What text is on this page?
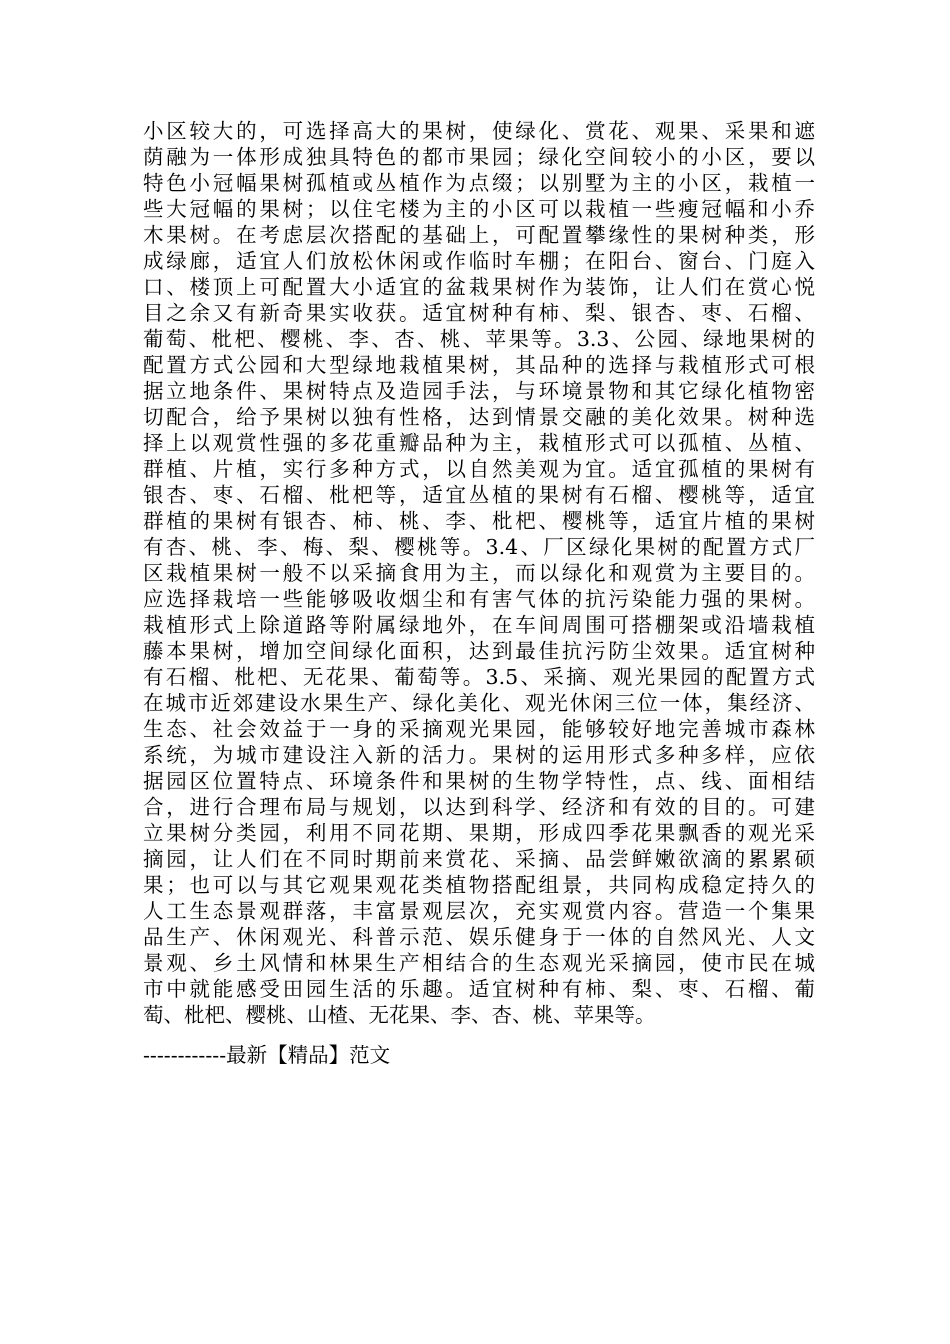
小区较大的，可选择高大的果树，使绿化、赏花、观果、采果和遮
荫融为一体形成独具特色的都市果园；绿化空间较小的小区，要以
特色小冠幅果树孤植或丛植作为点缀；以别墅为主的小区，栽植一
些大冠幅的果树；以住宅楼为主的小区可以栽植一些瘦冠幅和小乔
木果树。在考虑层次搭配的基础上，可配置攀缘性的果树种类，形
成绿廊，适宜人们放松休闲或作临时车棚；在阳台、窗台、门庭入
口、楼顶上可配置大小适宜的盆栽果树作为装饰，让人们在赏心悦
目之余又有新奇果实收获。适宜树种有柿、梨、银杏、枣、石榴、
葡萄、枇杷、樱桃、李、杏、桃、苹果等。3.3、公园、绿地果树的
配置方式公园和大型绿地栽植果树，其品种的选择与栽植形式可根
据立地条件、果树特点及造园手法，与环境景物和其它绿化植物密
切配合，给予果树以独有性格，达到情景交融的美化效果。树种选
择上以观赏性强的多花重瓣品种为主，栽植形式可以孤植、丛植、
群植、片植，实行多种方式，以自然美观为宜。适宜孤植的果树有
银杏、枣、石榴、枇杷等，适宜丛植的果树有石榴、樱桃等，适宜
群植的果树有银杏、柿、桃、李、枇杷、樱桃等，适宜片植的果树
有杏、桃、李、梅、梨、樱桃等。3.4、厂区绿化果树的配置方式厂
区栽植果树一般不以采摘食用为主，而以绿化和观赏为主要目的。
应选择栽培一些能够吸收烟尘和有害气体的抗污染能力强的果树。
栽植形式上除道路等附属绿地外，在车间周围可搭棚架或沿墙栽植
藤本果树，增加空间绿化面积，达到最佳抗污防尘效果。适宜树种
有石榴、枇杷、无花果、葡萄等。3.5、采摘、观光果园的配置方式
在城市近郊建设水果生产、绿化美化、观光休闲三位一体，集经济、
生态、社会效益于一身的采摘观光果园，能够较好地完善城市森林
系统，为城市建设注入新的活力。果树的运用形式多种多样，应依
据园区位置特点、环境条件和果树的生物学特性，点、线、面相结
合，进行合理布局与规划，以达到科学、经济和有效的目的。可建
立果树分类园，利用不同花期、果期，形成四季花果飘香的观光采
摘园，让人们在不同时期前来赏花、采摘、品尝鲜嫩欲滴的累累硕
果；也可以与其它观果观花类植物搭配组景，共同构成稳定持久的
人工生态景观群落，丰富景观层次，充实观赏内容。营造一个集果
品生产、休闲观光、科普示范、娱乐健身于一体的自然风光、人文
景观、乡土风情和林果生产相结合的生态观光采摘园，使市民在城
市中就能感受田园生活的乐趣。适宜树种有柿、梨、枣、石榴、葡
萄、枇杷、樱桃、山楂、无花果、李、杏、桃、苹果等。

------------最新【精品】范文
